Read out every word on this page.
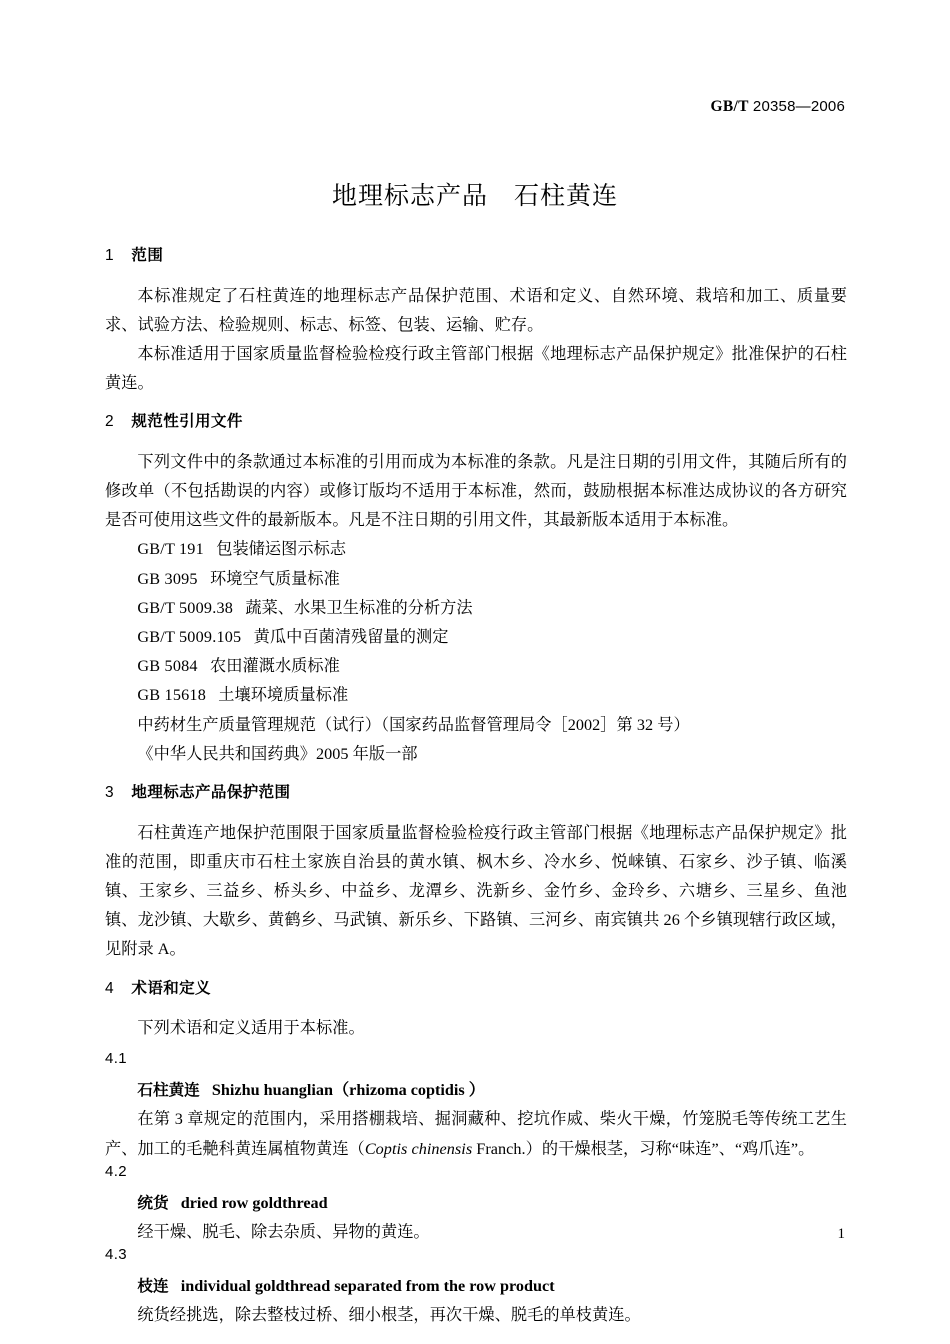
GB/T 20358—2006
地理标志产品　石柱黄连
1 范围

本标准规定了石柱黄连的地理标志产品保护范围、术语和定义、自然环境、栽培和加工、质量要求、试验方法、检验规则、标志、标签、包装、运输、贮存。

本标准适用于国家质量监督检验检疫行政主管部门根据《地理标志产品保护规定》批准保护的石柱黄连。

2 规范性引用文件

下列文件中的条款通过本标准的引用而成为本标准的条款。凡是注日期的引用文件，其随后所有的修改单（不包括勘误的内容）或修订版均不适用于本标准，然而，鼓励根据本标准达成协议的各方研究是否可使用这些文件的最新版本。凡是不注日期的引用文件，其最新版本适用于本标准。

GB/T 191 包装储运图示标志

GB 3095 环境空气质量标准

GB/T 5009.38 蔬菜、水果卫生标准的分析方法

GB/T 5009.105 黄瓜中百菌清残留量的测定

GB 5084 农田灌溉水质标准

GB 15618 土壤环境质量标准

中药材生产质量管理规范（试行）（国家药品监督管理局令［2002］第 32 号）

《中华人民共和国药典》2005 年版一部

3 地理标志产品保护范围

石柱黄连产地保护范围限于国家质量监督检验检疫行政主管部门根据《地理标志产品保护规定》批准的范围，即重庆市石柱土家族自治县的黄水镇、枫木乡、冷水乡、悦崃镇、石家乡、沙子镇、临溪镇、王家乡、三益乡、桥头乡、中益乡、龙潭乡、洗新乡、金竹乡、金玲乡、六塘乡、三星乡、鱼池镇、龙沙镇、大歇乡、黄鹤乡、马武镇、新乐乡、下路镇、三河乡、南宾镇共 26 个乡镇现辖行政区域，见附录 A。

4 术语和定义

下列术语和定义适用于本标准。

4.1

石柱黄连 Shizhu huanglian（rhizoma coptidis ）

在第 3 章规定的范围内，采用搭棚栽培、掘洞藏种、挖坑作烕、柴火干燥，竹笼脱毛等传统工艺生产、加工的毛艴科黄连属植物黄连（Coptis chinensis Franch.）的干燥根茎，习称“味连”、“鸡爪连”。

4.2

统货 dried row goldthread

经干燥、脱毛、除去杂质、异物的黄连。

4.3

枝连 individual goldthread separated from the row product

统货经挑选，除去整枝过桥、细小根茎，再次干燥、脱毛的单枝黄连。

1
